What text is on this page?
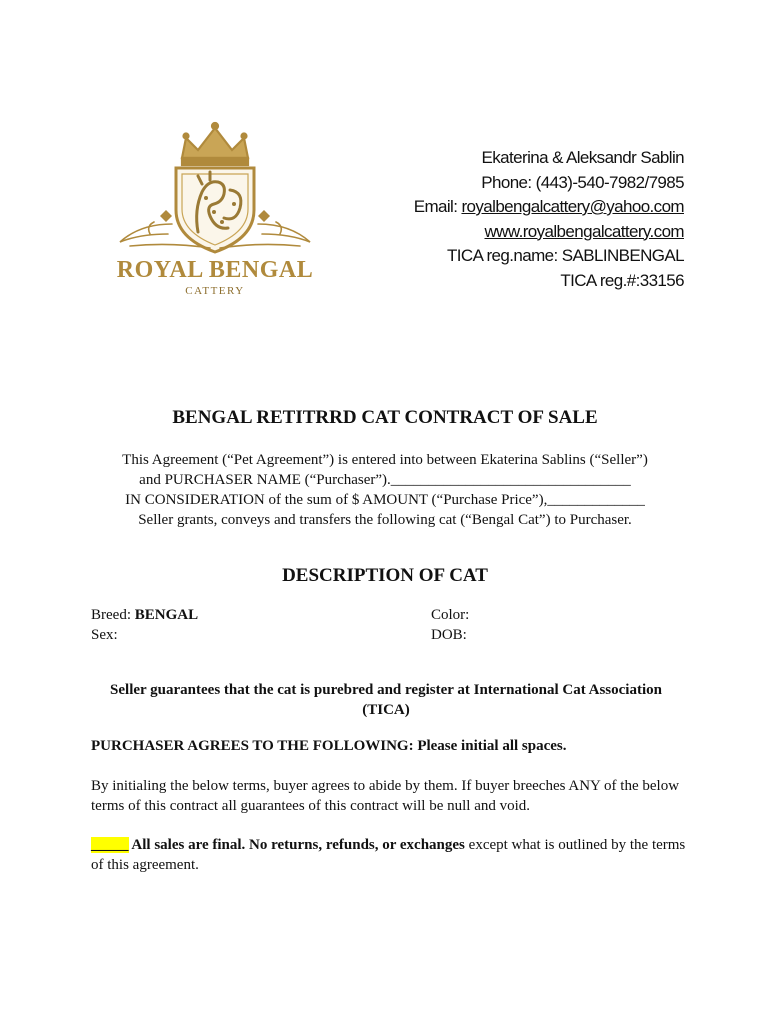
ROYAL BENGAL
CATTERY
Ekaterina & Aleksandr Sablin
Phone: (443)-540-7982/7985
Email: royalbengalcattery@yahoo.com
www.royalbengalcattery.com
TICA reg.name: SABLINBENGAL
TICA reg.#:33156
BENGAL RETITRRD CAT CONTRACT OF SALE
This Agreement (“Pet Agreement”) is entered into between Ekaterina Sablins (“Seller”)
and PURCHASER NAME (“Purchaser”).________________________________
IN CONSIDERATION of the sum of $ AMOUNT (“Purchase Price”),_____________
Seller grants, conveys and transfers the following cat (“Bengal Cat”) to Purchaser.
DESCRIPTION OF CAT
Breed: BENGAL
Sex:
Color:
DOB:
Seller guarantees that the cat is purebred and register at International Cat Association (TICA)
PURCHASER AGREES TO THE FOLLOWING: Please initial all spaces.
By initialing the below terms, buyer agrees to abide by them. If buyer breeches ANY of the below terms of this contract all guarantees of this contract will be null and void.
_____ All sales are final. No returns, refunds, or exchanges except what is outlined by the terms of this agreement.
